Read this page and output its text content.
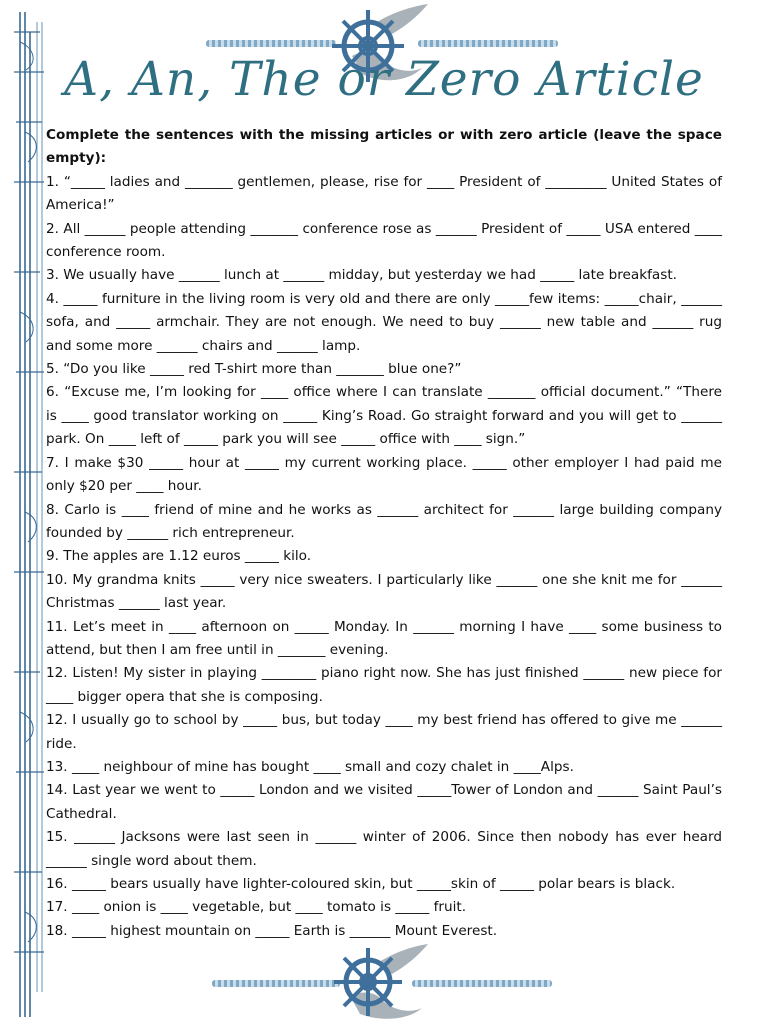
A, An, The or Zero Article

Complete the sentences with the missing articles or with zero article (leave the space empty):

1. “_____ ladies and _______ gentlemen, please, rise for ____ President of _________ United States of America!”

2. All ______ people attending _______ conference rose as ______ President of _____ USA entered ____ conference room.

3. We usually have ______ lunch at ______ midday, but yesterday we had _____ late breakfast.

4. _____ furniture in the living room is very old and there are only _____few items: _____chair, ______ sofa, and _____ armchair. They are not enough. We need to buy ______ new table and ______ rug and some more ______ chairs and ______ lamp.

5. “Do you like _____ red T-shirt more than _______ blue one?”

6. “Excuse me, I’m looking for ____ office where I can translate _______ official document.” “There is ____ good translator working on _____ King’s Road. Go straight forward and you will get to ______ park. On ____ left of _____ park you will see _____ office with ____ sign.”

7. I make $30 _____ hour at _____ my current working place. _____ other employer I had paid me only $20 per ____ hour.

8. Carlo is ____ friend of mine and he works as ______ architect for ______ large building company founded by ______ rich entrepreneur.

9. The apples are 1.12 euros _____ kilo.

10. My grandma knits _____ very nice sweaters. I particularly like ______ one she knit me for ______ Christmas ______ last year.

11. Let’s meet in ____ afternoon on _____ Monday. In ______ morning I have ____ some business to attend, but then I am free until in _______ evening.

12. Listen! My sister in playing ________ piano right now. She has just finished ______ new piece for ____ bigger opera that she is composing.

12. I usually go to school by _____ bus, but today ____ my best friend has offered to give me ______ ride.

13. ____ neighbour of mine has bought ____ small and cozy chalet in ____Alps.

14. Last year we went to _____ London and we visited _____Tower of London and ______ Saint Paul’s Cathedral.

15. ______ Jacksons were last seen in ______ winter of 2006. Since then nobody has ever heard ______ single word about them.

16. _____ bears usually have lighter-coloured skin, but _____skin of _____ polar bears is black.

17. ____ onion is ____ vegetable, but ____ tomato is _____ fruit.

18. _____ highest mountain on _____ Earth is ______ Mount Everest.
